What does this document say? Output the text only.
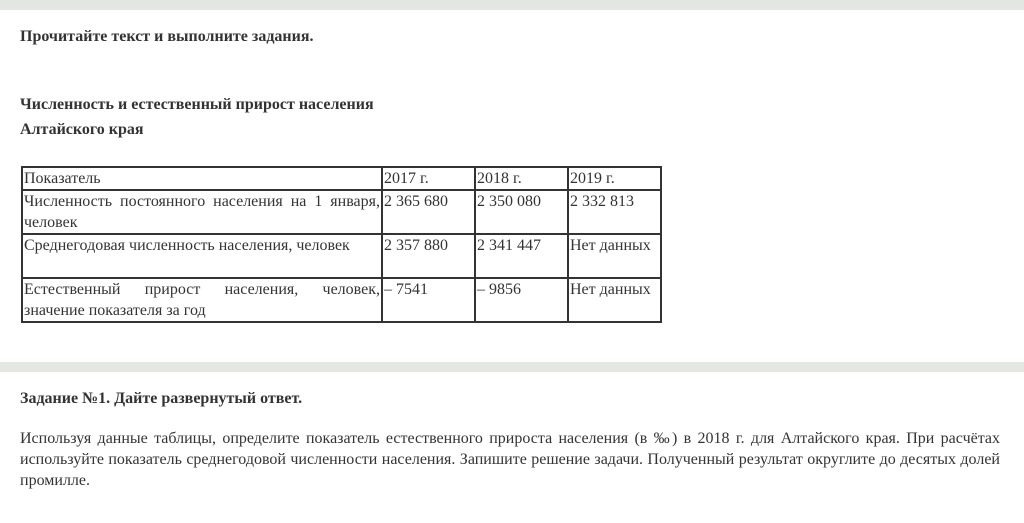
Прочитайте текст и выполните задания.
Численность и естественный прирост населения
Алтайского края
Показатель	2017 г.	2018 г.	2019 г.
Численность постоянного населения на 1 января, человек	2 365 680	2 350 080	2 332 813
Среднегодовая численность населения, человек	2 357 880	2 341 447	Нет данных
Естественный прирост населения, человек, значение показателя за год	– 7541	– 9856	Нет данных
Задание №1. Дайте развернутый ответ.
Используя данные таблицы, определите показатель естественного прироста населения (в ‰) в 2018 г. для Алтайского края. При расчётах используйте показатель среднегодовой численности населения. Запишите решение задачи. Полученный результат округлите до десятых долей промилле.
